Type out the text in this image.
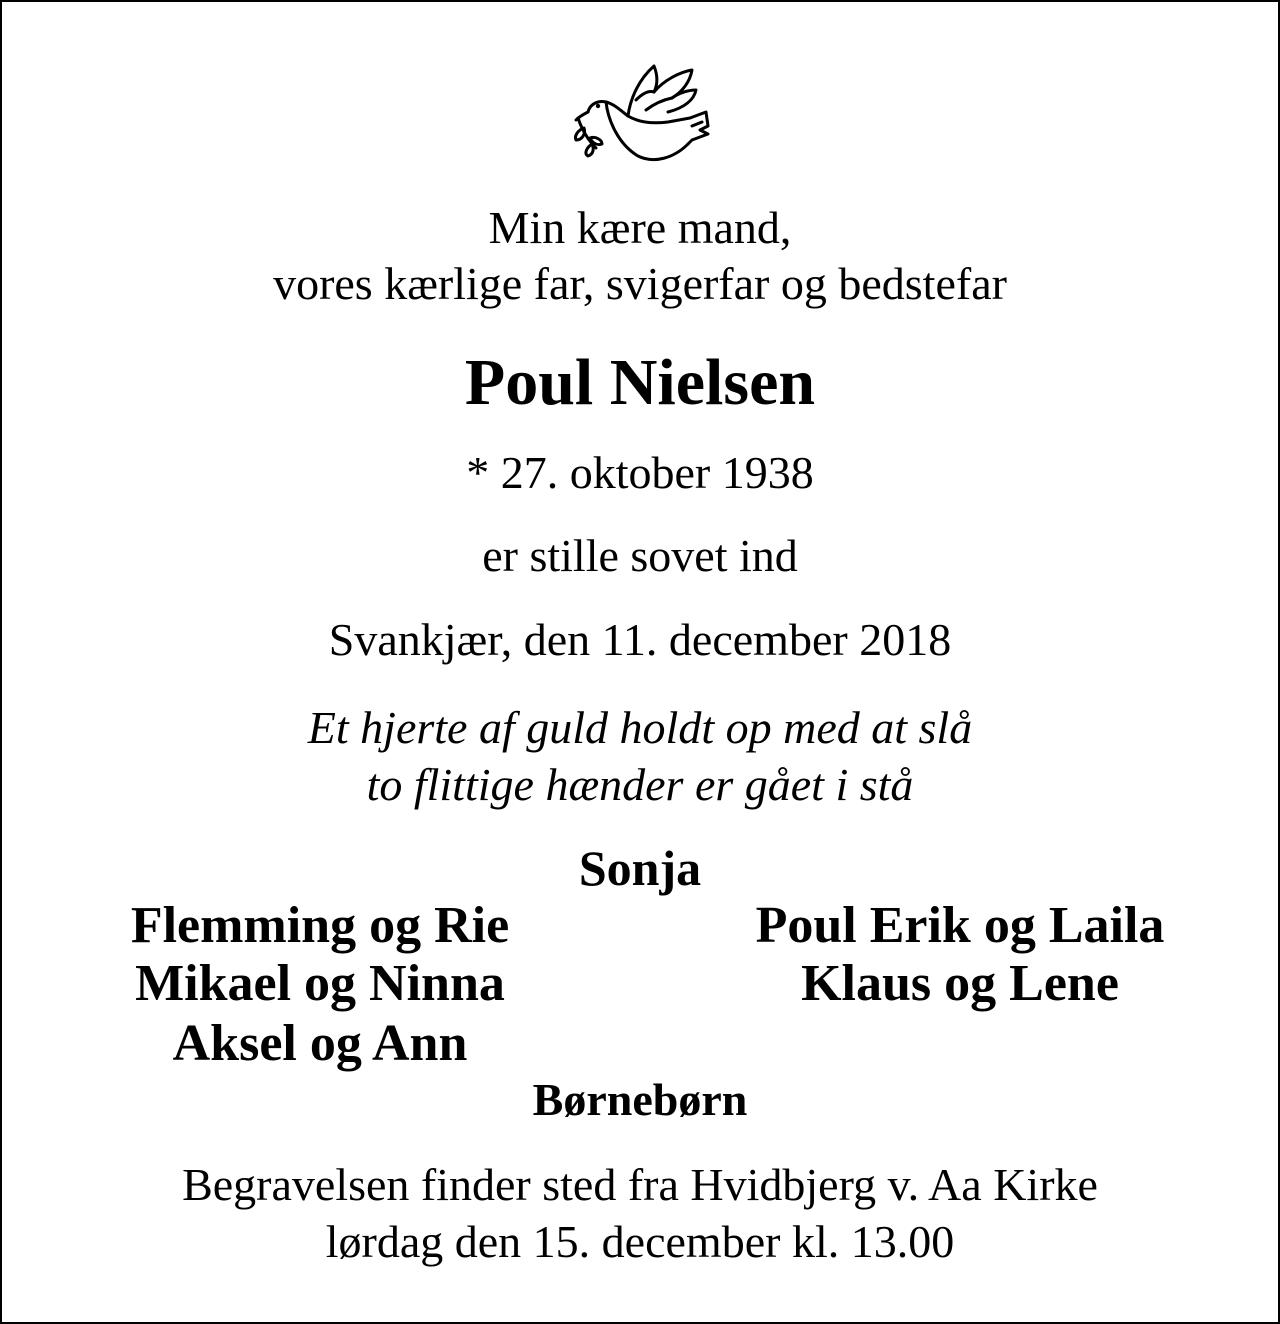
Min kære mand,
vores kærlige far, svigerfar og bedstefar
Poul Nielsen
* 27. oktober 1938
er stille sovet ind
Svankjær, den 11. december 2018
Et hjerte af guld holdt op med at slå
to flittige hænder er gået i stå
Sonja
Flemming og Rie
Mikael og Ninna
Aksel og Ann
Poul Erik og Laila
Klaus og Lene
Børnebørn
Begravelsen finder sted fra Hvidbjerg v. Aa Kirke
lørdag den 15. december kl. 13.00
